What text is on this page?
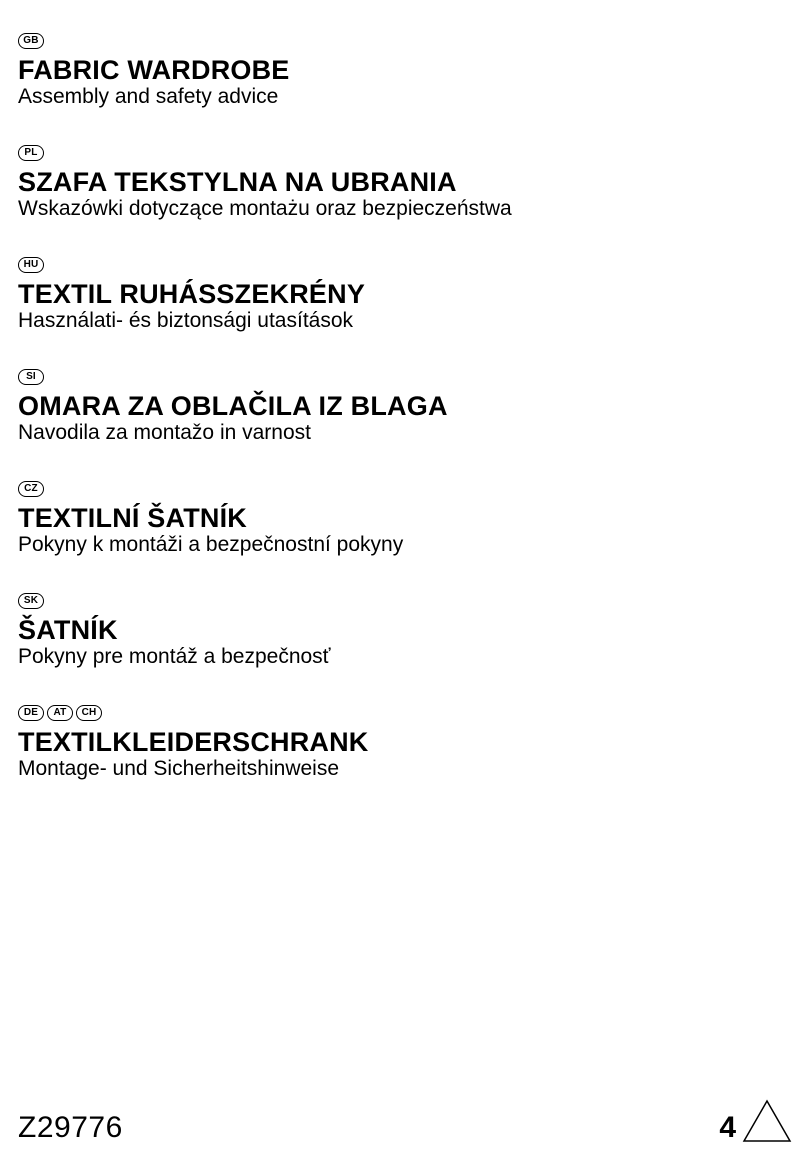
GB
FABRIC WARDROBE
Assembly and safety advice
PL
SZAFA TEKSTYLNA NA UBRANIA
Wskazówki dotyczące montażu oraz bezpieczeństwa
HU
TEXTIL RUHÁSSZEKRÉNY
Használati- és biztonsági utasítások
SI
OMARA ZA OBLAČILA IZ BLAGA
Navodila za montažo in varnost
CZ
TEXTILNÍ ŠATNÍK
Pokyny k montáži a bezpečnostní pokyny
SK
ŠATNÍK
Pokyny pre montáž a bezpečnosť
DE	AT	CH
TEXTILKLEIDERSCHRANK
Montage- und Sicherheitshinweise
Z29776	4
